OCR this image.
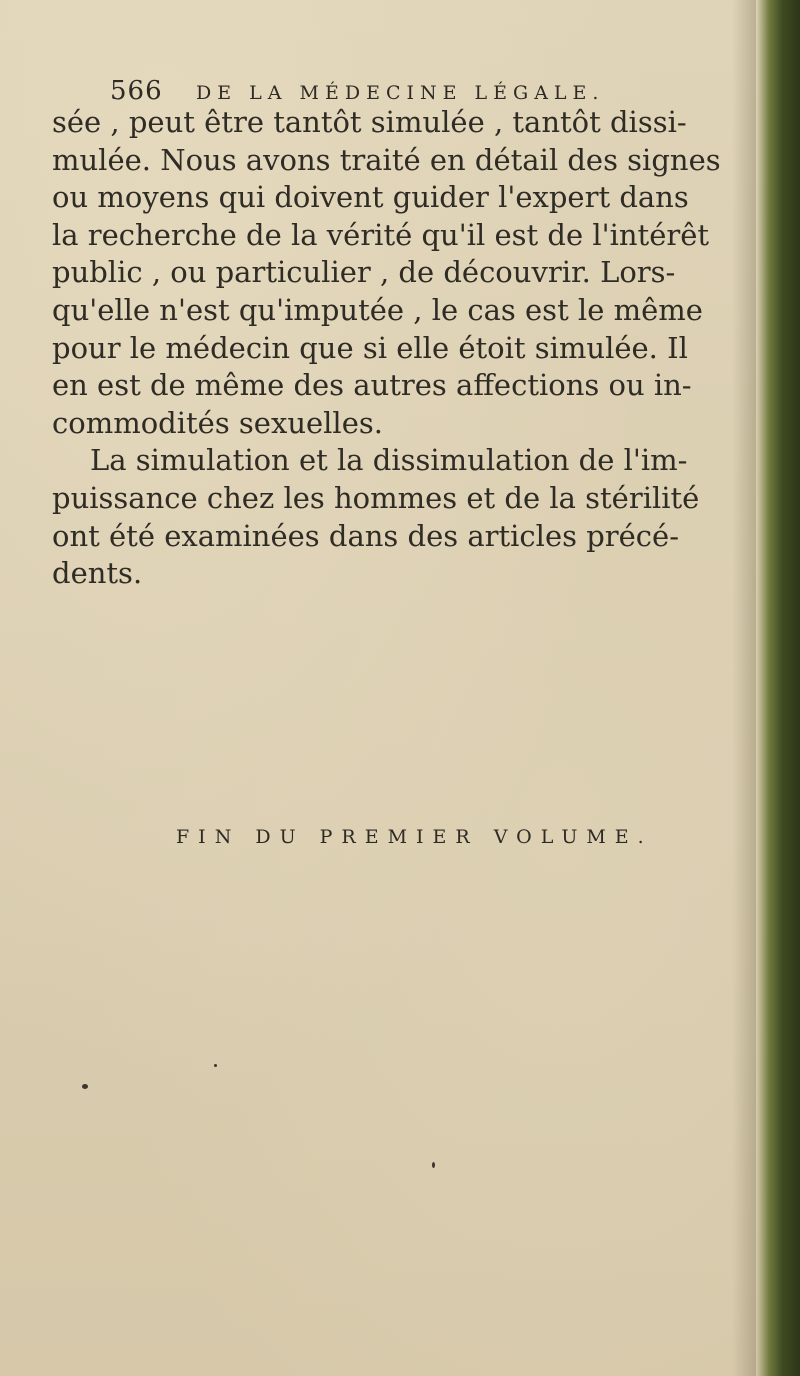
566 DE LA MÉDECINE LÉGALE.
sée , peut être tantôt simulée , tantôt dissi-
mulée. Nous avons traité en détail des signes
ou moyens qui doivent guider l'expert dans
la recherche de la vérité qu'il est de l'intérêt
public , ou particulier , de découvrir. Lors-
qu'elle n'est qu'imputée , le cas est le même
pour le médecin que si elle étoit simulée. Il
en est de même des autres affections ou in-
commodités sexuelles.
La simulation et la dissimulation de l'im-
puissance chez les hommes et de la stérilité
ont été examinées dans des articles précé-
dents.
FIN DU PREMIER VOLUME.
